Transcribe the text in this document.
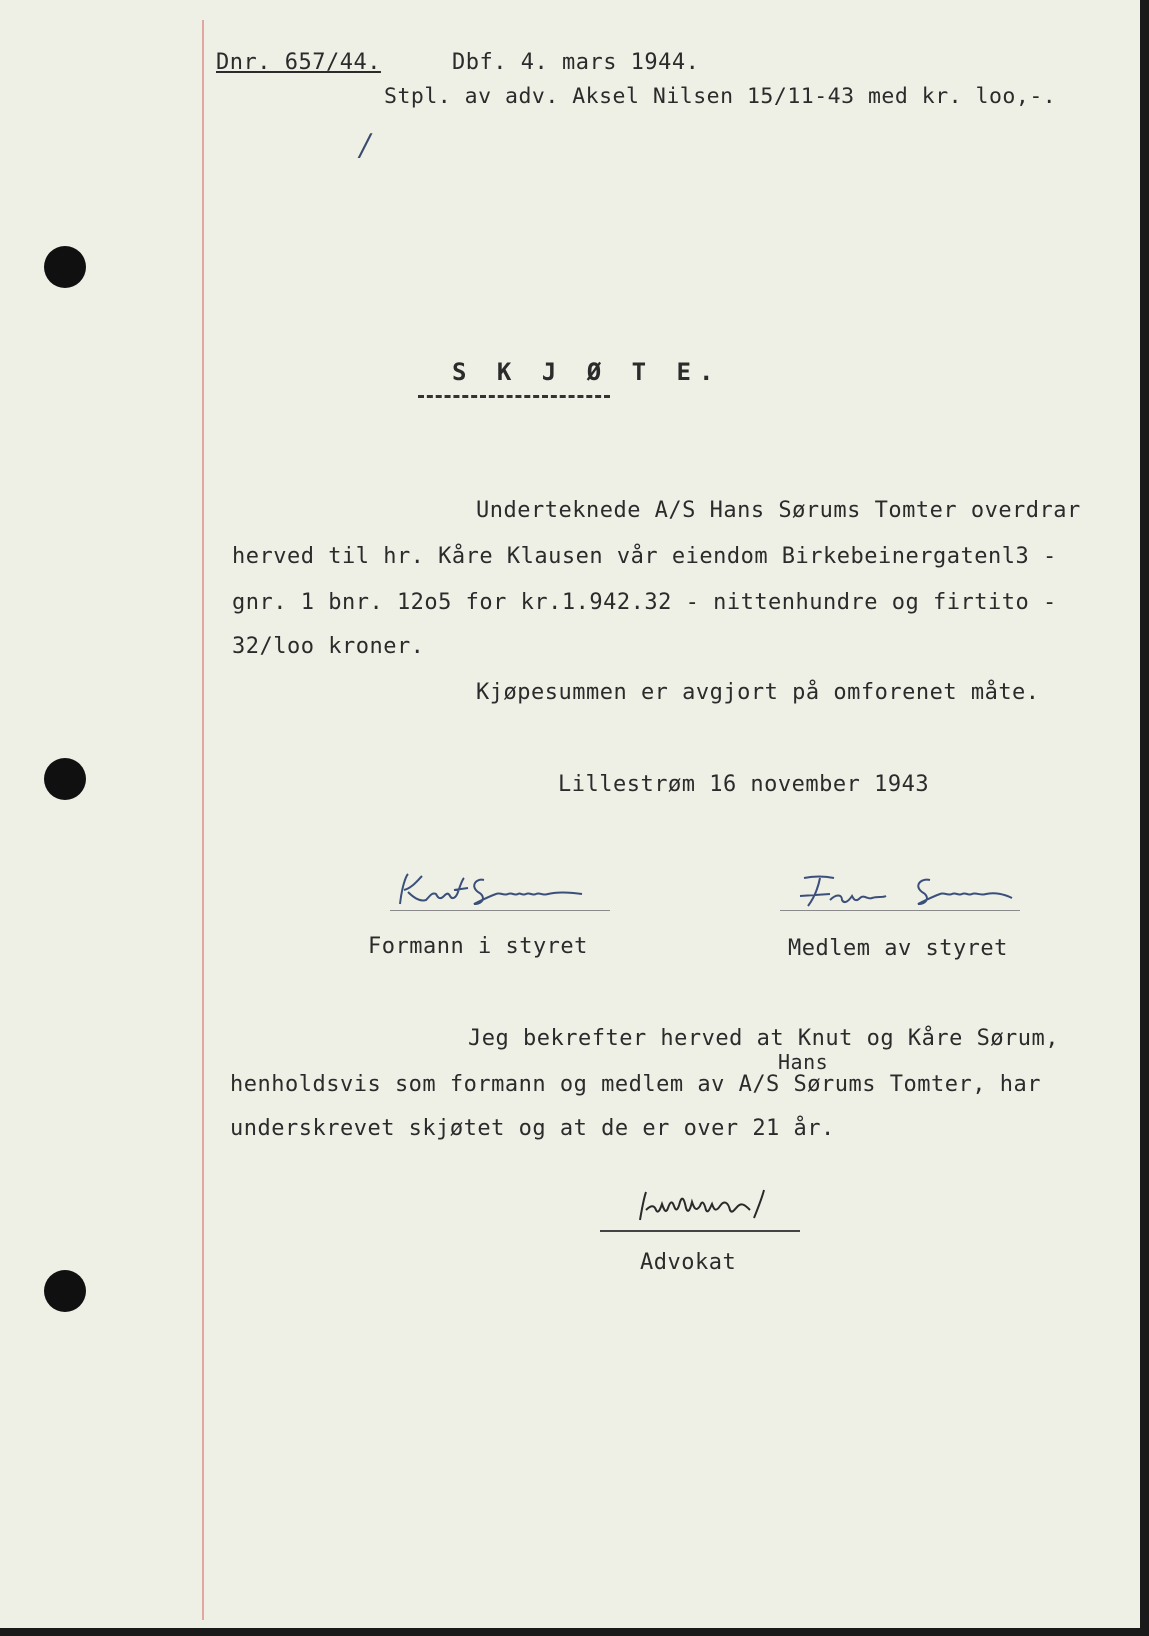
Dnr. 657/44.	Dbf. 4. mars 1944.
Stpl. av adv. Aksel Nilsen 15/11-43 med kr. loo,-.
/
S K J Ø T E.
Underteknede A/S Hans Sørums Tomter overdrar
herved til hr. Kåre Klausen vår eiendom Birkebeinergatenl3 -
gnr. 1 bnr. 12o5 for kr.1.942.32 - nittenhundre og firtito -
32/loo kroner.
Kjøpesummen er avgjort på omforenet måte.
Lillestrøm 16 november 1943
Formann i styret	Medlem av styret
Jeg bekrefter herved at Knut og Kåre Sørum,
Hans
henholdsvis som formann og medlem av A/S Sørums Tomter, har
underskrevet skjøtet og at de er over 21 år.
Advokat
